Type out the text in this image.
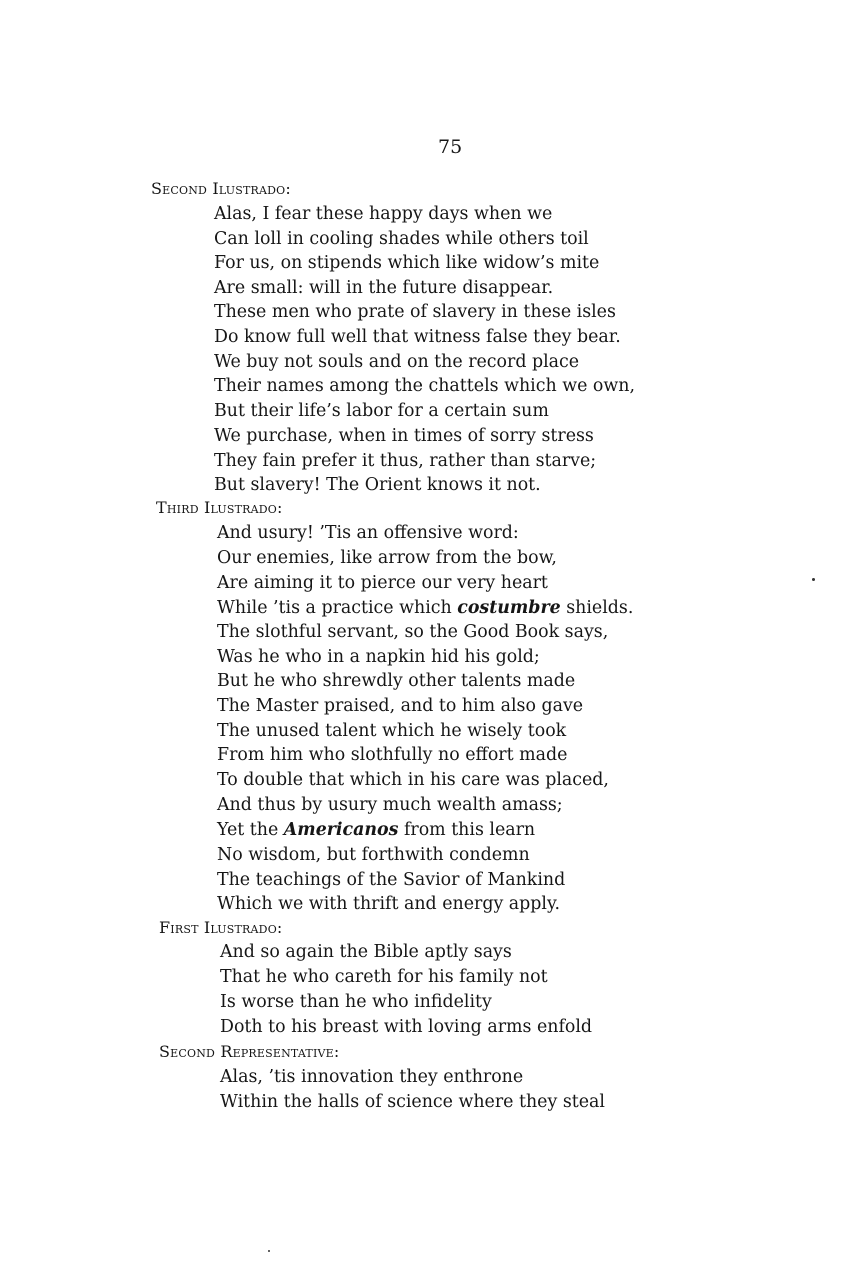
75
Second Ilustrado:
Alas, I fear these happy days when we
Can loll in cooling shades while others toil
For us, on stipends which like widow’s mite
Are small: will in the future disappear.
These men who prate of slavery in these isles
Do know full well that witness false they bear.
We buy not souls and on the record place
Their names among the chattels which we own,
But their life’s labor for a certain sum
We purchase, when in times of sorry stress
They fain prefer it thus, rather than starve;
But slavery! The Orient knows it not.
Third Ilustrado:
And usury! ’Tis an offensive word:
Our enemies, like arrow from the bow,
Are aiming it to pierce our very heart
While ’tis a practice which costumbre shields.
The slothful servant, so the Good Book says,
Was he who in a napkin hid his gold;
But he who shrewdly other talents made
The Master praised, and to him also gave
The unused talent which he wisely took
From him who slothfully no effort made
To double that which in his care was placed,
And thus by usury much wealth amass;
Yet the Americanos from this learn
No wisdom, but forthwith condemn
The teachings of the Savior of Mankind
Which we with thrift and energy apply.
First Ilustrado:
And so again the Bible aptly says
That he who careth for his family not
Is worse than he who infidelity
Doth to his breast with loving arms enfold
Second Representative:
Alas, ’tis innovation they enthrone
Within the halls of science where they steal
